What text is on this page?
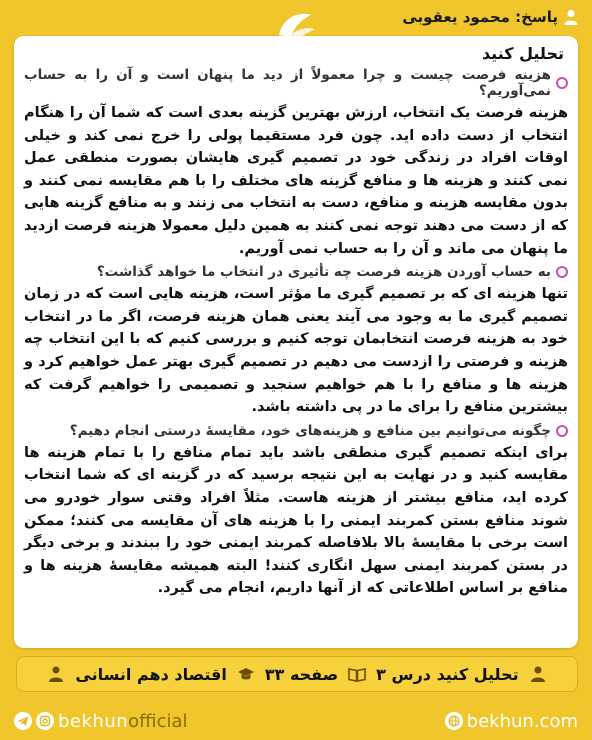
پاسخ: محمود یعقوبی
تحلیل کنید
هزینه فرصت چیست و چرا معمولاً از دید ما پنهان است و آن را به حساب نمی‌آوریم؟
هزینه فرصت یک انتخاب، ارزش بهترین گزینه بعدی است که شما آن را هنگام انتخاب از دست داده اید. چون فرد مستقیما پولی را خرج نمی کند و خیلی اوقات افراد در زندگی خود در تصمیم گیری هایشان بصورت منطقی عمل نمی کنند و هزینه ها و منافع گزینه های مختلف را با هم مقایسه نمی کنند و بدون مقایسه هزینه و منافع، دست به انتخاب می زنند و به منافع گزینه هایی که از دست می دهند توجه نمی کنند به همین دلیل معمولا هزینه فرصت ازدید ما پنهان می ماند و آن را به حساب نمی آوریم.
به حساب آوردن هزینه فرصت چه تأثیری در انتخاب ما خواهد گذاشت؟
تنها هزینه ای که بر تصمیم گیری ما مؤثر است، هزینه هایی است که در زمان تصمیم گیری ما به وجود می آیند یعنی همان هزینه فرصت، اگر ما در انتخاب خود به هزینه فرصت انتخابمان توجه کنیم و بررسی کنیم که با این انتخاب چه هزینه و فرصتی را ازدست می دهیم در تصمیم گیری بهتر عمل خواهیم کرد و هزینه ها و منافع را با هم خواهیم سنجید و تصمیمی را خواهیم گرفت که بیشترین منافع را برای ما در پی داشته باشد.
چگونه می‌توانیم بین منافع و هزینه‌های خود، مقایسهٔ درستی انجام دهیم؟
برای اینکه تصمیم گیری منطقی باشد باید تمام منافع را با تمام هزینه ها مقایسه کنید و در نهایت به این نتیجه برسید که در گزینه ای که شما انتخاب کرده اید، منافع بیشتر از هزینه هاست. مثلاً افراد وقتی سوار خودرو می شوند منافع بستن کمربند ایمنی را با هزینه های آن مقایسه می کنند؛ ممکن است برخی با مقایسهٔ بالا بلافاصله کمربند ایمنی خود را ببندند و برخی دیگر در بستن کمربند ایمنی سهل انگاری کنند! البته همیشه مقایسهٔ هزینه ها و منافع بر اساس اطلاعاتی که از آنها داریم، انجام می گیرد.
تحلیل کنید درس ۳
صفحه ۳۳
اقتصاد دهم انسانی
bekhunofficial	bekhun.com
